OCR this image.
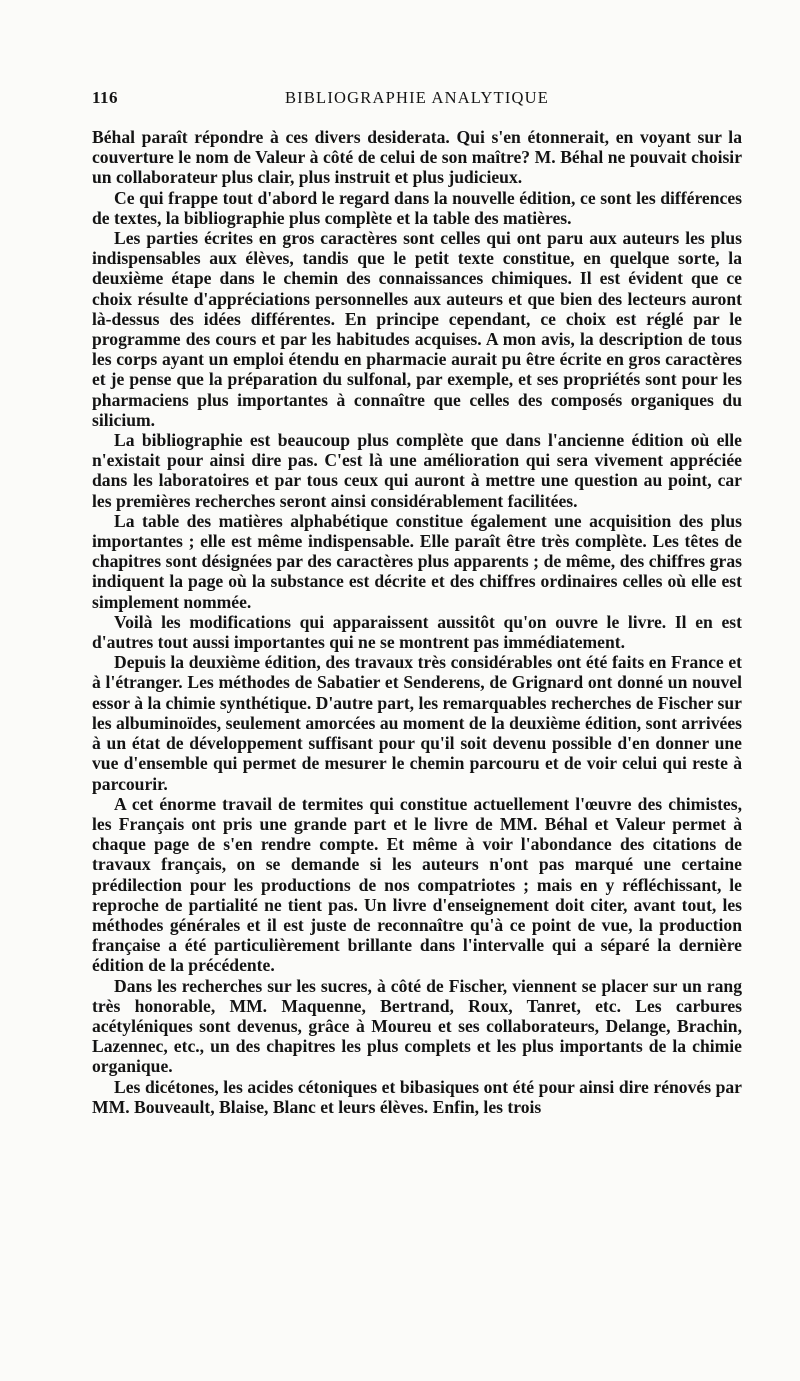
116	BIBLIOGRAPHIE ANALYTIQUE

Béhal paraît répondre à ces divers desiderata. Qui s'en étonnerait, en voyant sur la couverture le nom de Valeur à côté de celui de son maître? M. Béhal ne pouvait choisir un collaborateur plus clair, plus instruit et plus judicieux.

Ce qui frappe tout d'abord le regard dans la nouvelle édition, ce sont les différences de textes, la bibliographie plus complète et la table des matières.

Les parties écrites en gros caractères sont celles qui ont paru aux auteurs les plus indispensables aux élèves, tandis que le petit texte constitue, en quelque sorte, la deuxième étape dans le chemin des connaissances chimiques. Il est évident que ce choix résulte d'appréciations personnelles aux auteurs et que bien des lecteurs auront là-dessus des idées différentes. En principe cependant, ce choix est réglé par le programme des cours et par les habitudes acquises. A mon avis, la description de tous les corps ayant un emploi étendu en pharmacie aurait pu être écrite en gros caractères et je pense que la préparation du sulfonal, par exemple, et ses propriétés sont pour les pharmaciens plus importantes à connaître que celles des composés organiques du silicium.

La bibliographie est beaucoup plus complète que dans l'ancienne édition où elle n'existait pour ainsi dire pas. C'est là une amélioration qui sera vivement appréciée dans les laboratoires et par tous ceux qui auront à mettre une question au point, car les premières recherches seront ainsi considérablement facilitées.

La table des matières alphabétique constitue également une acquisition des plus importantes ; elle est même indispensable. Elle paraît être très complète. Les têtes de chapitres sont désignées par des caractères plus apparents ; de même, des chiffres gras indiquent la page où la substance est décrite et des chiffres ordinaires celles où elle est simplement nommée.

Voilà les modifications qui apparaissent aussitôt qu'on ouvre le livre. Il en est d'autres tout aussi importantes qui ne se montrent pas immédiatement.

Depuis la deuxième édition, des travaux très considérables ont été faits en France et à l'étranger. Les méthodes de Sabatier et Senderens, de Grignard ont donné un nouvel essor à la chimie synthétique. D'autre part, les remarquables recherches de Fischer sur les albuminoïdes, seulement amorcées au moment de la deuxième édition, sont arrivées à un état de développement suffisant pour qu'il soit devenu possible d'en donner une vue d'ensemble qui permet de mesurer le chemin parcouru et de voir celui qui reste à parcourir.

A cet énorme travail de termites qui constitue actuellement l'œuvre des chimistes, les Français ont pris une grande part et le livre de MM. Béhal et Valeur permet à chaque page de s'en rendre compte. Et même à voir l'abondance des citations de travaux français, on se demande si les auteurs n'ont pas marqué une certaine prédilection pour les productions de nos compatriotes ; mais en y réfléchissant, le reproche de partialité ne tient pas. Un livre d'enseignement doit citer, avant tout, les méthodes générales et il est juste de reconnaître qu'à ce point de vue, la production française a été particulièrement brillante dans l'intervalle qui a séparé la dernière édition de la précédente.

Dans les recherches sur les sucres, à côté de Fischer, viennent se placer sur un rang très honorable, MM. Maquenne, Bertrand, Roux, Tanret, etc. Les carbures acétyléniques sont devenus, grâce à Moureu et ses collaborateurs, Delange, Brachin, Lazennec, etc., un des chapitres les plus complets et les plus importants de la chimie organique.

Les dicétones, les acides cétoniques et bibasiques ont été pour ainsi dire rénovés par MM. Bouveault, Blaise, Blanc et leurs élèves. Enfin, les trois
